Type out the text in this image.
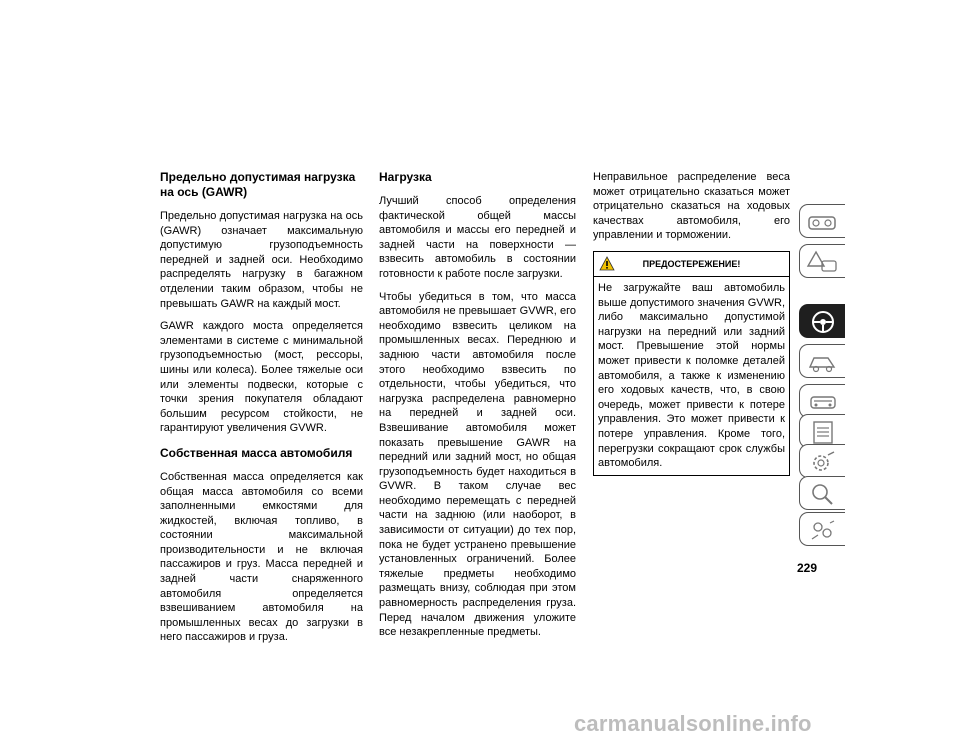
Предельно допустимая нагрузка на ось (GAWR)

Предельно допустимая нагрузка на ось (GAWR) означает максимальную допустимую грузоподъемность передней и задней оси. Необходимо распределять нагрузку в багажном отделении таким образом, чтобы не превышать GAWR на каждый мост.

GAWR каждого моста определяется элементами в системе с минимальной грузоподъемностью (мост, рессоры, шины или колеса). Более тяжелые оси или элементы подвески, которые с точки зрения покупателя обладают большим ресурсом стойкости, не гарантируют увеличения GVWR.

Собственная масса автомобиля

Собственная масса определяется как общая масса автомобиля со всеми заполненными емкостями для жидкостей, включая топливо, в состоянии максимальной производительности и не включая пассажиров и груз. Масса передней и задней части снаряженного автомобиля определяется взвешиванием автомобиля на промышленных весах до загрузки в него пассажиров и груза.

Нагрузка

Лучший способ определения фактической общей массы автомобиля и массы его передней и задней части на поверхности — взвесить автомобиль в состоянии готовности к работе после загрузки.

Чтобы убедиться в том, что масса автомобиля не превышает GVWR, его необходимо взвесить целиком на промышленных весах. Переднюю и заднюю части автомобиля после этого необходимо взвесить по отдельности, чтобы убедиться, что нагрузка распределена равномерно на передней и задней оси. Взвешивание автомобиля может показать превышение GAWR на передний или задний мост, но общая грузоподъемность будет находиться в GVWR. В таком случае вес необходимо перемещать с передней части на заднюю (или наоборот, в зависимости от ситуации) до тех пор, пока не будет устранено превышение установленных ограничений. Более тяжелые предметы необходимо размещать внизу, соблюдая при этом равномерность распределения груза. Перед началом движения уложите все незакрепленные предметы.

Неправильное распределение веса может отрицательно сказаться может отрицательно сказаться на ходовых качествах автомобиля, его управлении и торможении.

ПРЕДОСТЕРЕЖЕНИЕ!

Не загружайте ваш автомобиль выше допустимого значения GVWR, либо максимально допустимой нагрузки на передний или задний мост. Превышение этой нормы может привести к поломке деталей автомобиля, а также к изменению его ходовых качеств, что, в свою очередь, может привести к потере управления. Это может привести к потере управления. Кроме того, перегрузки сокращают срок службы автомобиля.

229
carmanualsonline.info
